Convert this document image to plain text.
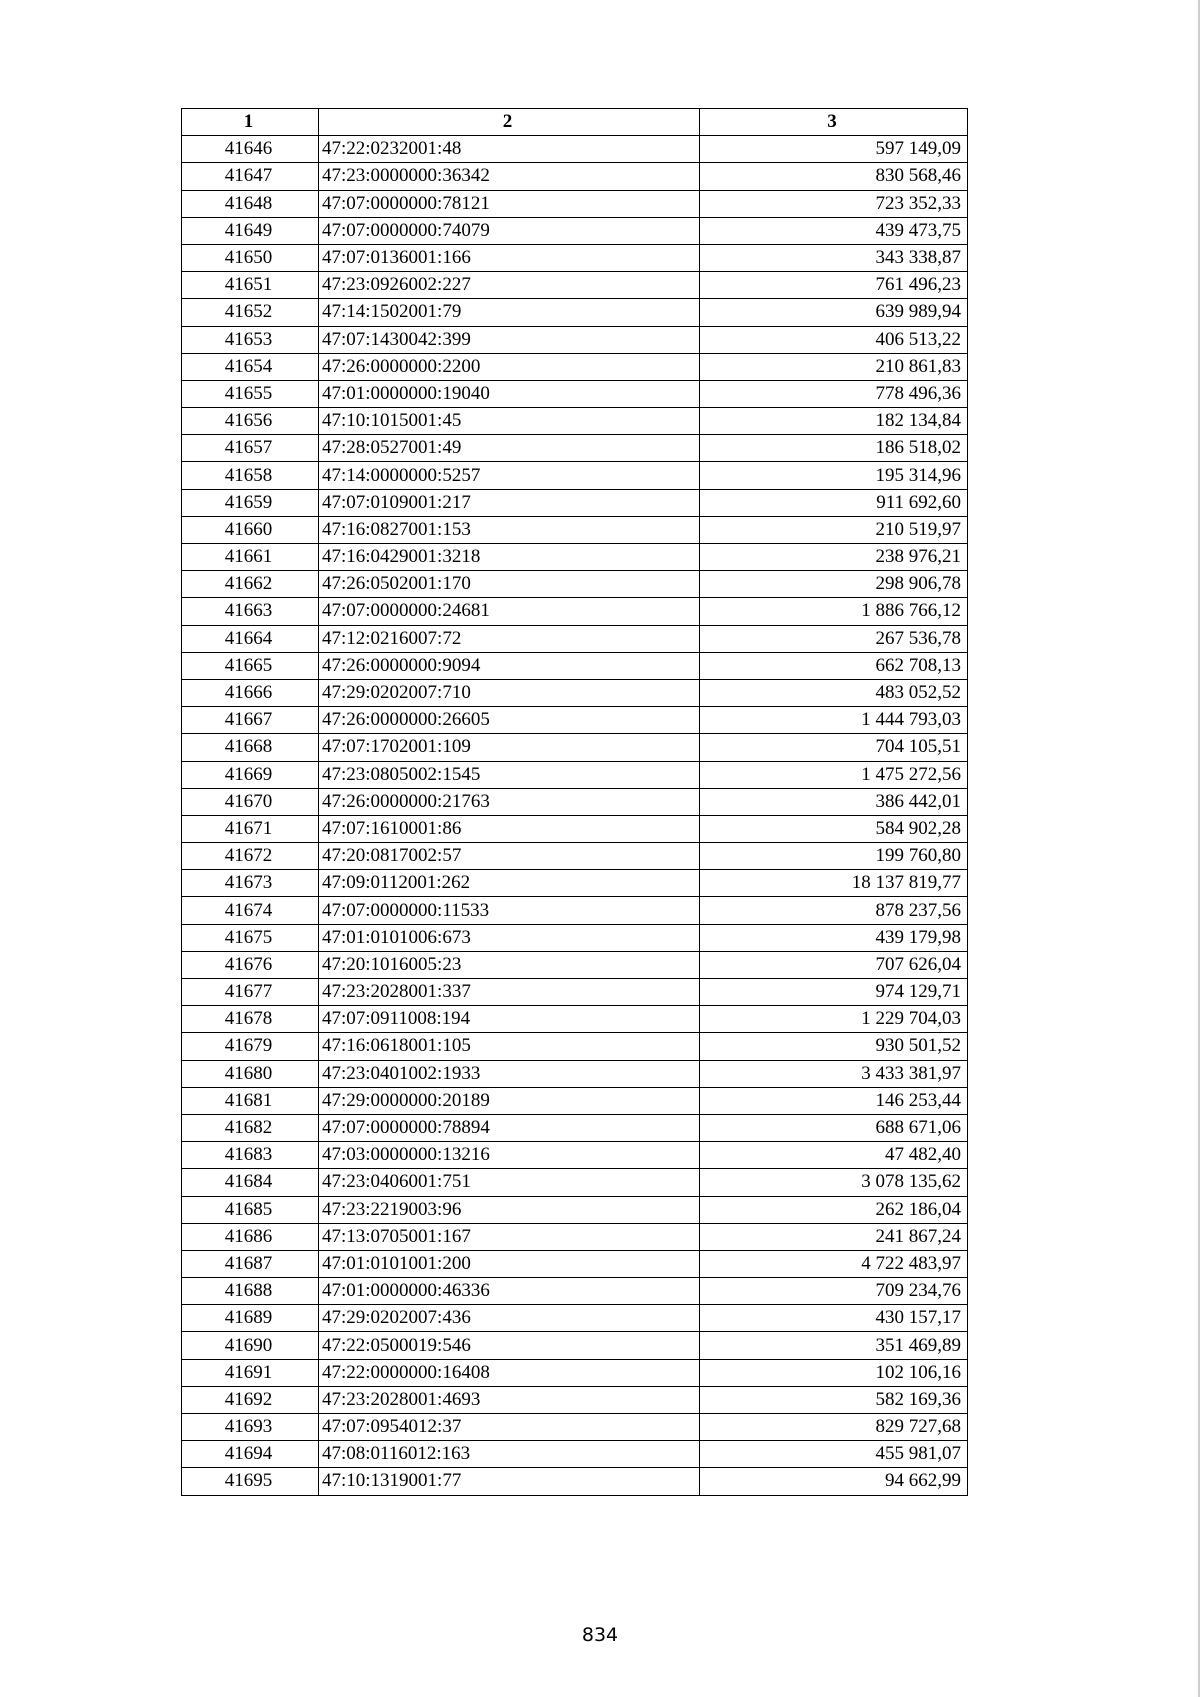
1	2	3
41646	47:22:0232001:48	597 149,09
41647	47:23:0000000:36342	830 568,46
41648	47:07:0000000:78121	723 352,33
41649	47:07:0000000:74079	439 473,75
41650	47:07:0136001:166	343 338,87
41651	47:23:0926002:227	761 496,23
41652	47:14:1502001:79	639 989,94
41653	47:07:1430042:399	406 513,22
41654	47:26:0000000:2200	210 861,83
41655	47:01:0000000:19040	778 496,36
41656	47:10:1015001:45	182 134,84
41657	47:28:0527001:49	186 518,02
41658	47:14:0000000:5257	195 314,96
41659	47:07:0109001:217	911 692,60
41660	47:16:0827001:153	210 519,97
41661	47:16:0429001:3218	238 976,21
41662	47:26:0502001:170	298 906,78
41663	47:07:0000000:24681	1 886 766,12
41664	47:12:0216007:72	267 536,78
41665	47:26:0000000:9094	662 708,13
41666	47:29:0202007:710	483 052,52
41667	47:26:0000000:26605	1 444 793,03
41668	47:07:1702001:109	704 105,51
41669	47:23:0805002:1545	1 475 272,56
41670	47:26:0000000:21763	386 442,01
41671	47:07:1610001:86	584 902,28
41672	47:20:0817002:57	199 760,80
41673	47:09:0112001:262	18 137 819,77
41674	47:07:0000000:11533	878 237,56
41675	47:01:0101006:673	439 179,98
41676	47:20:1016005:23	707 626,04
41677	47:23:2028001:337	974 129,71
41678	47:07:0911008:194	1 229 704,03
41679	47:16:0618001:105	930 501,52
41680	47:23:0401002:1933	3 433 381,97
41681	47:29:0000000:20189	146 253,44
41682	47:07:0000000:78894	688 671,06
41683	47:03:0000000:13216	47 482,40
41684	47:23:0406001:751	3 078 135,62
41685	47:23:2219003:96	262 186,04
41686	47:13:0705001:167	241 867,24
41687	47:01:0101001:200	4 722 483,97
41688	47:01:0000000:46336	709 234,76
41689	47:29:0202007:436	430 157,17
41690	47:22:0500019:546	351 469,89
41691	47:22:0000000:16408	102 106,16
41692	47:23:2028001:4693	582 169,36
41693	47:07:0954012:37	829 727,68
41694	47:08:0116012:163	455 981,07
41695	47:10:1319001:77	94 662,99
834
